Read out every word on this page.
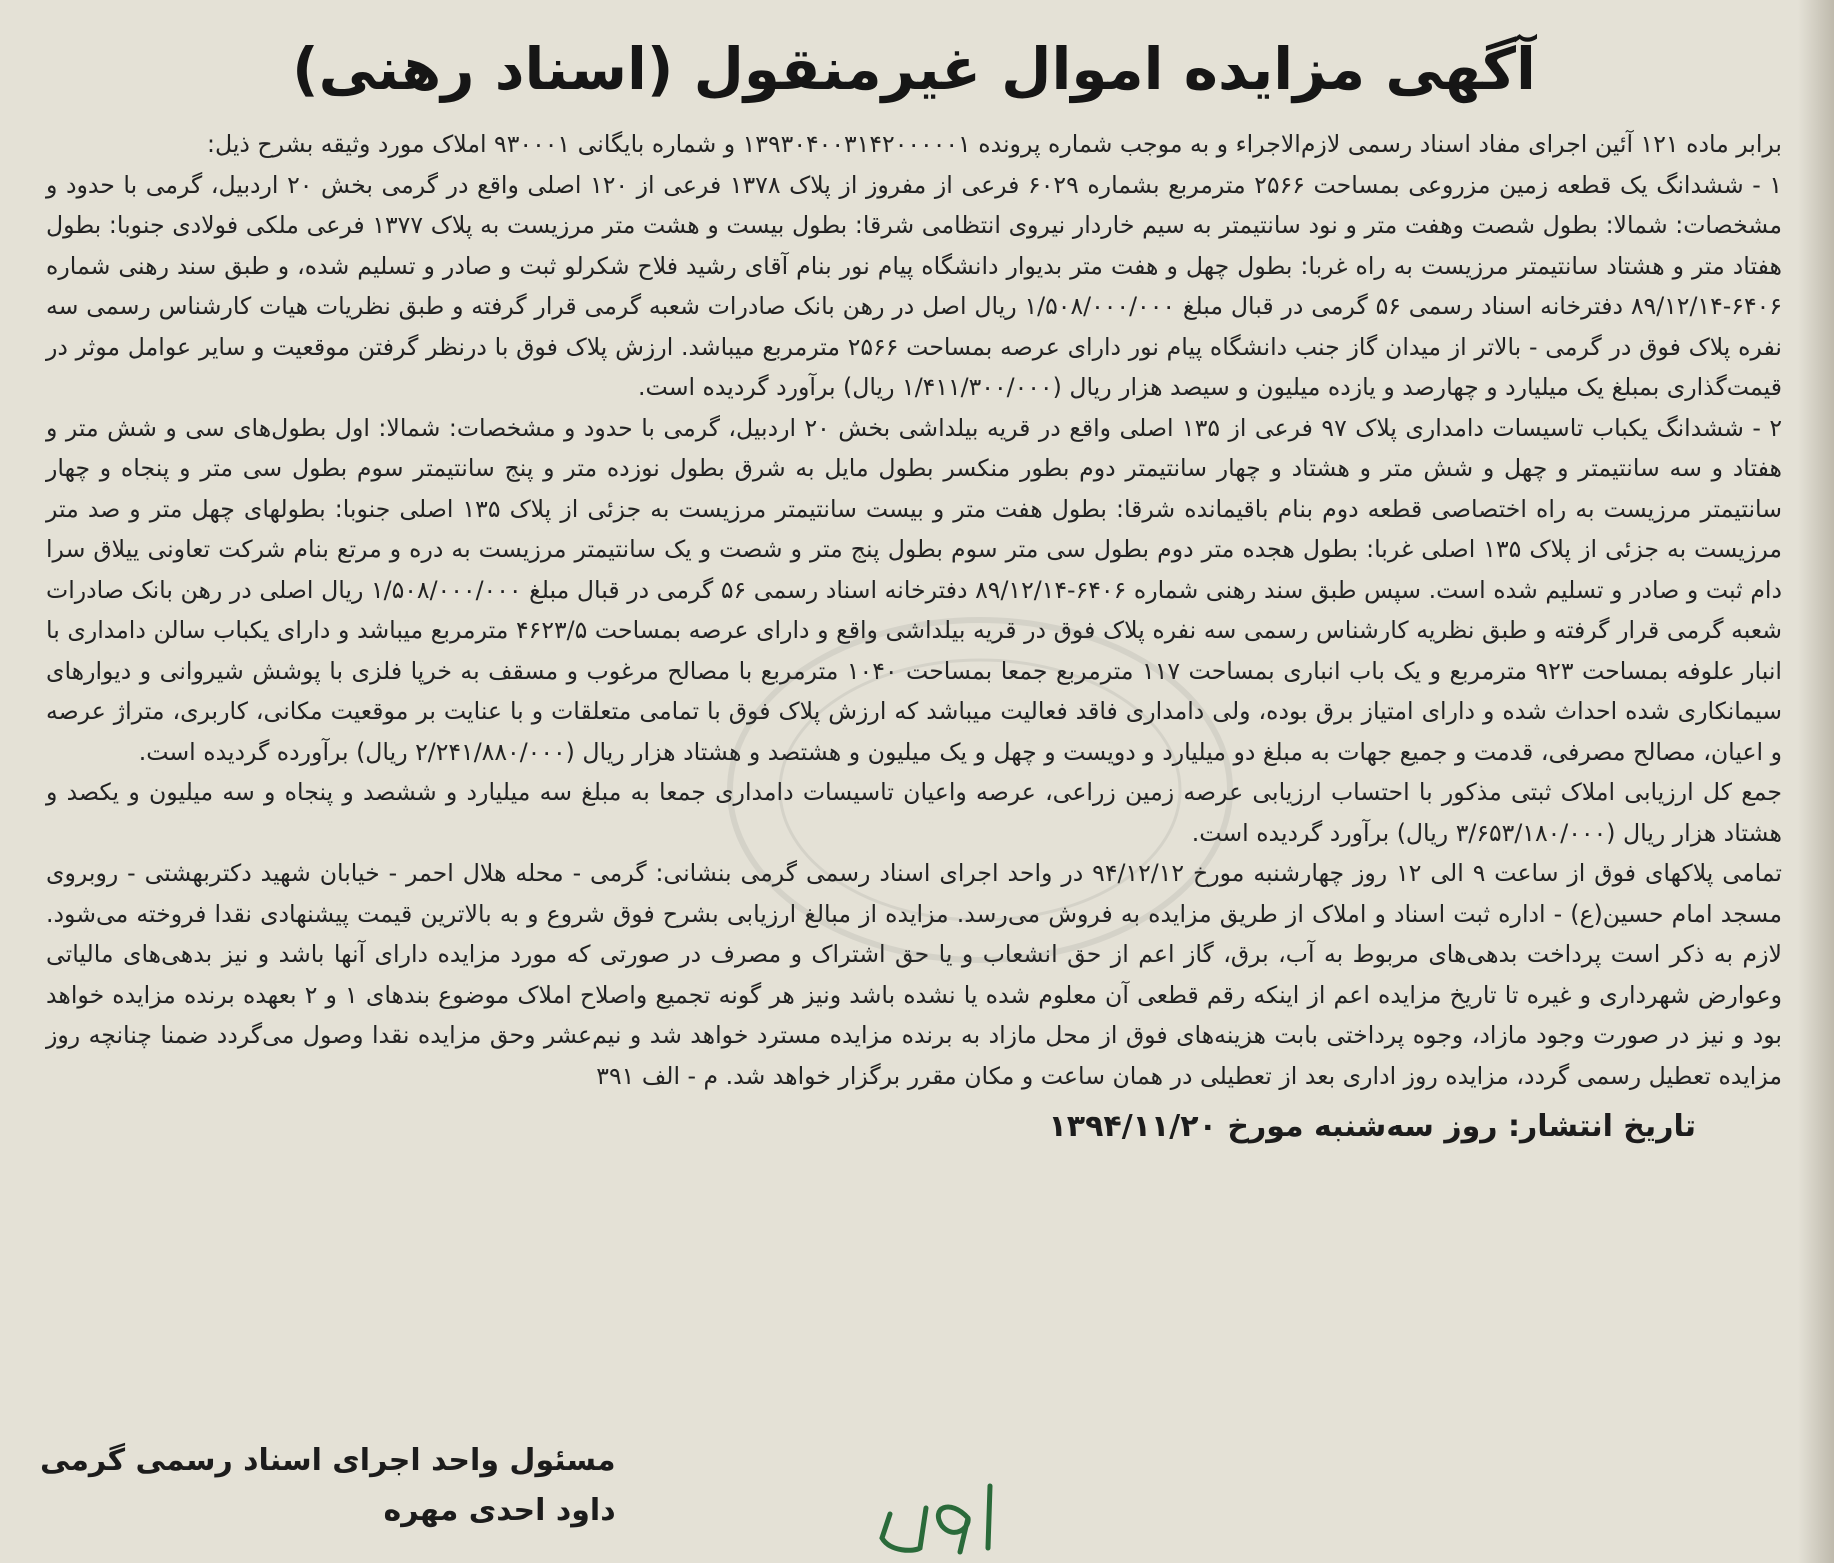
آگهی مزایده اموال غیرمنقول (اسناد رهنی)

برابر ماده ۱۲۱ آئین اجرای مفاد اسناد رسمی لازم‌الاجراء و به موجب شماره پرونده ۱۳۹۳۰۴۰۰۳۱۴۲۰۰۰۰۰۱ و شماره بایگانی ۹۳۰۰۰۱ املاک مورد وثیقه بشرح ذیل:

۱ - ششدانگ یک قطعه زمین مزروعی بمساحت ۲۵۶۶ مترمربع بشماره ۶۰۲۹ فرعی از مفروز از پلاک ۱۳۷۸ فرعی از ۱۲۰ اصلی واقع در گرمی بخش ۲۰ اردبیل، گرمی با حدود و مشخصات: شمالا: بطول شصت وهفت متر و نود سانتیمتر به سیم خاردار نیروی انتظامی شرقا: بطول بیست و هشت متر مرزیست به پلاک ۱۳۷۷ فرعی ملکی فولادی جنوبا: بطول هفتاد متر و هشتاد سانتیمتر مرزیست به راه غربا: بطول چهل و هفت متر بدیوار دانشگاه پیام نور بنام آقای رشید فلاح شکرلو ثبت و صادر و تسلیم شده، و طبق سند رهنی شماره ۶۴۰۶-۸۹/۱۲/۱۴ دفترخانه اسناد رسمی ۵۶ گرمی در قبال مبلغ ۱/۵۰۸/۰۰۰/۰۰۰ ریال اصل در رهن بانک صادرات شعبه گرمی قرار گرفته و طبق نظریات هیات کارشناس رسمی سه نفره پلاک فوق در گرمی - بالاتر از میدان گاز جنب دانشگاه پیام نور دارای عرصه بمساحت ۲۵۶۶ مترمربع میباشد. ارزش پلاک فوق با درنظر گرفتن موقعیت و سایر عوامل موثر در قیمت‌گذاری بمبلغ یک میلیارد و چهارصد و یازده میلیون و سیصد هزار ریال (۱/۴۱۱/۳۰۰/۰۰۰ ریال) برآورد گردیده است.

۲ - ششدانگ یکباب تاسیسات دامداری پلاک ۹۷ فرعی از ۱۳۵ اصلی واقع در قریه بیلداشی بخش ۲۰ اردبیل، گرمی با حدود و مشخصات: شمالا: اول بطول‌های سی و شش متر و هفتاد و سه سانتیمتر و چهل و شش متر و هشتاد و چهار سانتیمتر دوم بطور منکسر بطول مایل به شرق بطول نوزده متر و پنج سانتیمتر سوم بطول سی متر و پنجاه و چهار سانتیمتر مرزیست به راه اختصاصی قطعه دوم بنام باقیمانده شرقا: بطول هفت متر و بیست سانتیمتر مرزیست به جزئی از پلاک ۱۳۵ اصلی جنوبا: بطولهای چهل متر و صد متر مرزیست به جزئی از پلاک ۱۳۵ اصلی غربا: بطول هجده متر دوم بطول سی متر سوم بطول پنج متر و شصت و یک سانتیمتر مرزیست به دره و مرتع بنام شرکت تعاونی ییلاق سرا دام ثبت و صادر و تسلیم شده است. سپس طبق سند رهنی شماره ۶۴۰۶-۸۹/۱۲/۱۴ دفترخانه اسناد رسمی ۵۶ گرمی در قبال مبلغ ۱/۵۰۸/۰۰۰/۰۰۰ ریال اصلی در رهن بانک صادرات شعبه گرمی قرار گرفته و طبق نظریه کارشناس رسمی سه نفره پلاک فوق در قریه بیلداشی واقع و دارای عرصه بمساحت ۴۶۲۳/۵ مترمربع میباشد و دارای یکباب سالن دامداری با انبار علوفه بمساحت ۹۲۳ مترمربع و یک باب انباری بمساحت ۱۱۷ مترمربع جمعا بمساحت ۱۰۴۰ مترمربع با مصالح مرغوب و مسقف به خرپا فلزی با پوشش شیروانی و دیوارهای سیمانکاری شده احداث شده و دارای امتیاز برق بوده، ولی دامداری فاقد فعالیت میباشد که ارزش پلاک فوق با تمامی متعلقات و با عنایت بر موقعیت مکانی، کاربری، متراژ عرصه و اعیان، مصالح مصرفی، قدمت و جمیع جهات به مبلغ دو میلیارد و دویست و چهل و یک میلیون و هشتصد و هشتاد هزار ریال (۲/۲۴۱/۸۸۰/۰۰۰ ریال) برآورده گردیده است.

جمع کل ارزیابی املاک ثبتی مذکور با احتساب ارزیابی عرصه زمین زراعی، عرصه واعیان تاسیسات دامداری جمعا به مبلغ سه میلیارد و ششصد و پنجاه و سه میلیون و یکصد و هشتاد هزار ریال (۳/۶۵۳/۱۸۰/۰۰۰ ریال) برآورد گردیده است.

تمامی پلاکهای فوق از ساعت ۹ الی ۱۲ روز چهارشنبه مورخ ۹۴/۱۲/۱۲ در واحد اجرای اسناد رسمی گرمی بنشانی: گرمی - محله هلال احمر - خیابان شهید دکتربهشتی - روبروی مسجد امام حسین(ع) - اداره ثبت اسناد و املاک از طریق مزایده به فروش می‌رسد. مزایده از مبالغ ارزیابی بشرح فوق شروع و به بالاترین قیمت پیشنهادی نقدا فروخته می‌شود. لازم به ذکر است پرداخت بدهی‌های مربوط به آب، برق، گاز اعم از حق انشعاب و یا حق اشتراک و مصرف در صورتی که مورد مزایده دارای آنها باشد و نیز بدهی‌های مالیاتی وعوارض شهرداری و غیره تا تاریخ مزایده اعم از اینکه رقم قطعی آن معلوم شده یا نشده باشد ونیز هر گونه تجمیع واصلاح املاک موضوع بندهای ۱ و ۲ بعهده برنده مزایده خواهد بود و نیز در صورت وجود مازاد، وجوه پرداختی بابت هزینه‌های فوق از محل مازاد به برنده مزایده مسترد خواهد شد و نیم‌عشر وحق مزایده نقدا وصول می‌گردد ضمنا چنانچه روز مزایده تعطیل رسمی گردد، مزایده روز اداری بعد از تعطیلی در همان ساعت و مکان مقرر برگزار خواهد شد. م - الف ۳۹۱

تاریخ انتشار: روز سه‌شنبه مورخ ۱۳۹۴/۱۱/۲۰
مسئول واحد اجرای اسناد رسمی گرمی
داود احدی مهره
